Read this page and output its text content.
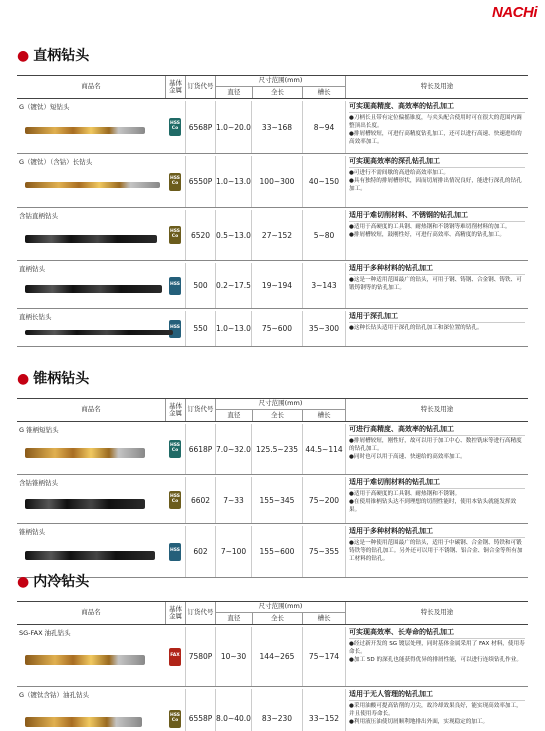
NACHi
● 直柄钻头
商品名	基体金属 订货代号
尺寸范围(mm)
直径	全长	槽长
特长及用途
G（镀钛）短钻头
HSS
Co	6568P 1.0~20.0	33~168	8~94
可实现高精度、高效率的钻孔加工
●刀柄长且带有定位偏摇锥度，与夹头配合使用时可在很大的范围内调整顶出长度。
●排屑槽较短，可进行高精度钻孔加工，还可以进行高速、快速进给的高效率加工。
G（镀钛）（含钴）长钻头
HSS
Co	6550P 1.0~13.0	100~300	40~150
可实现高效率的深孔钻孔加工
●可进行不需间歇的高进给高效率加工。
●具有独特的排屑槽形状，因而切屑排出情况良好，能进行深孔的钻孔加工。
含钴直柄钻头
HSS
Co	6520 0.5~13.0	27~152	5~80
适用于难切削材料、不锈钢的钻孔加工
●适用于高硬度的工具钢、耐热钢和不锈钢等难切削材料的加工。
●排屑槽较短，鼓刚性好，可进行高效率、高精度的钻孔加工。
直柄钻头
HSS	500	0.2~17.5	19~194	3~143
适用于多种材料的钻孔加工
●这是一种适用范围最广的钻头，可用于钢、铸钢、合金钢、铸铁、可锻铸钢等的钻孔加工。
直柄长钻头
HSS	550	1.0~13.0	75~600	35~300
适用于深孔加工
●这种长钻头适用于深孔的钻孔加工和深位置的钻孔。
● 锥柄钻头
商品名	基体金属 订货代号
尺寸范围(mm)
直径	全长	槽长
特长及用途
G 锥柄短钻头
HSS
Co	6618P 7.0~32.0 125.5~235 44.5~114
可进行高精度、高效率的钻孔加工
●排屑槽较短，刚性好，故可以用于加工中心、数控铣床等进行高精度的钻孔加工。
●同时也可以用于高速、快速给的高效率加工。
含钴锥柄钻头
HSS
Co	6602	7~33	155~345	75~200
适用于难切削材料的钻孔加工
●适用于高硬度的工具钢、耐热钢和不锈钢。
●在使用锥柄钻头达不到理想的切削性能时，使用本钻头就能发挥效果。
锥柄钻头
HSS	602	7~100	155~600	75~355
适用于多种材料的钻孔加工
●这是一种使用范围最广的钻头，适用于中碳钢、合金钢、铸铁和可锻铸铁等的钻孔加工。另外还可以用于不锈钢、铝合金、铜合金等所有加工材料的钻孔。
● 内冷钻头
商品名	基体金属 订货代号
尺寸范围(mm)
直径	全长	槽长
特长及用途
SG-FAX 油孔钻头
FAX	7580P	10~30	144~265	75~174
可实现高效率、长寿命的钻孔加工
●经过新开发的 SG 镀层处理，同时基体金属采用了 FAX 材料，使用寿命长。
●加工 5D 的深孔也能获得优异的排屑性能，可以进行连续钻孔作业。
G（镀钛含钴）油孔钻头
HSS
Co	6558P 8.0~40.0	83~230	33~152
适用于无人管理的钻孔加工
●采用油酸可提高钻削的刀尖，故冷却效果良好，能实现高效率加工，并且使用寿命长。
●利用液压油使切屑顺利地排出外面，实现稳定的加工。
